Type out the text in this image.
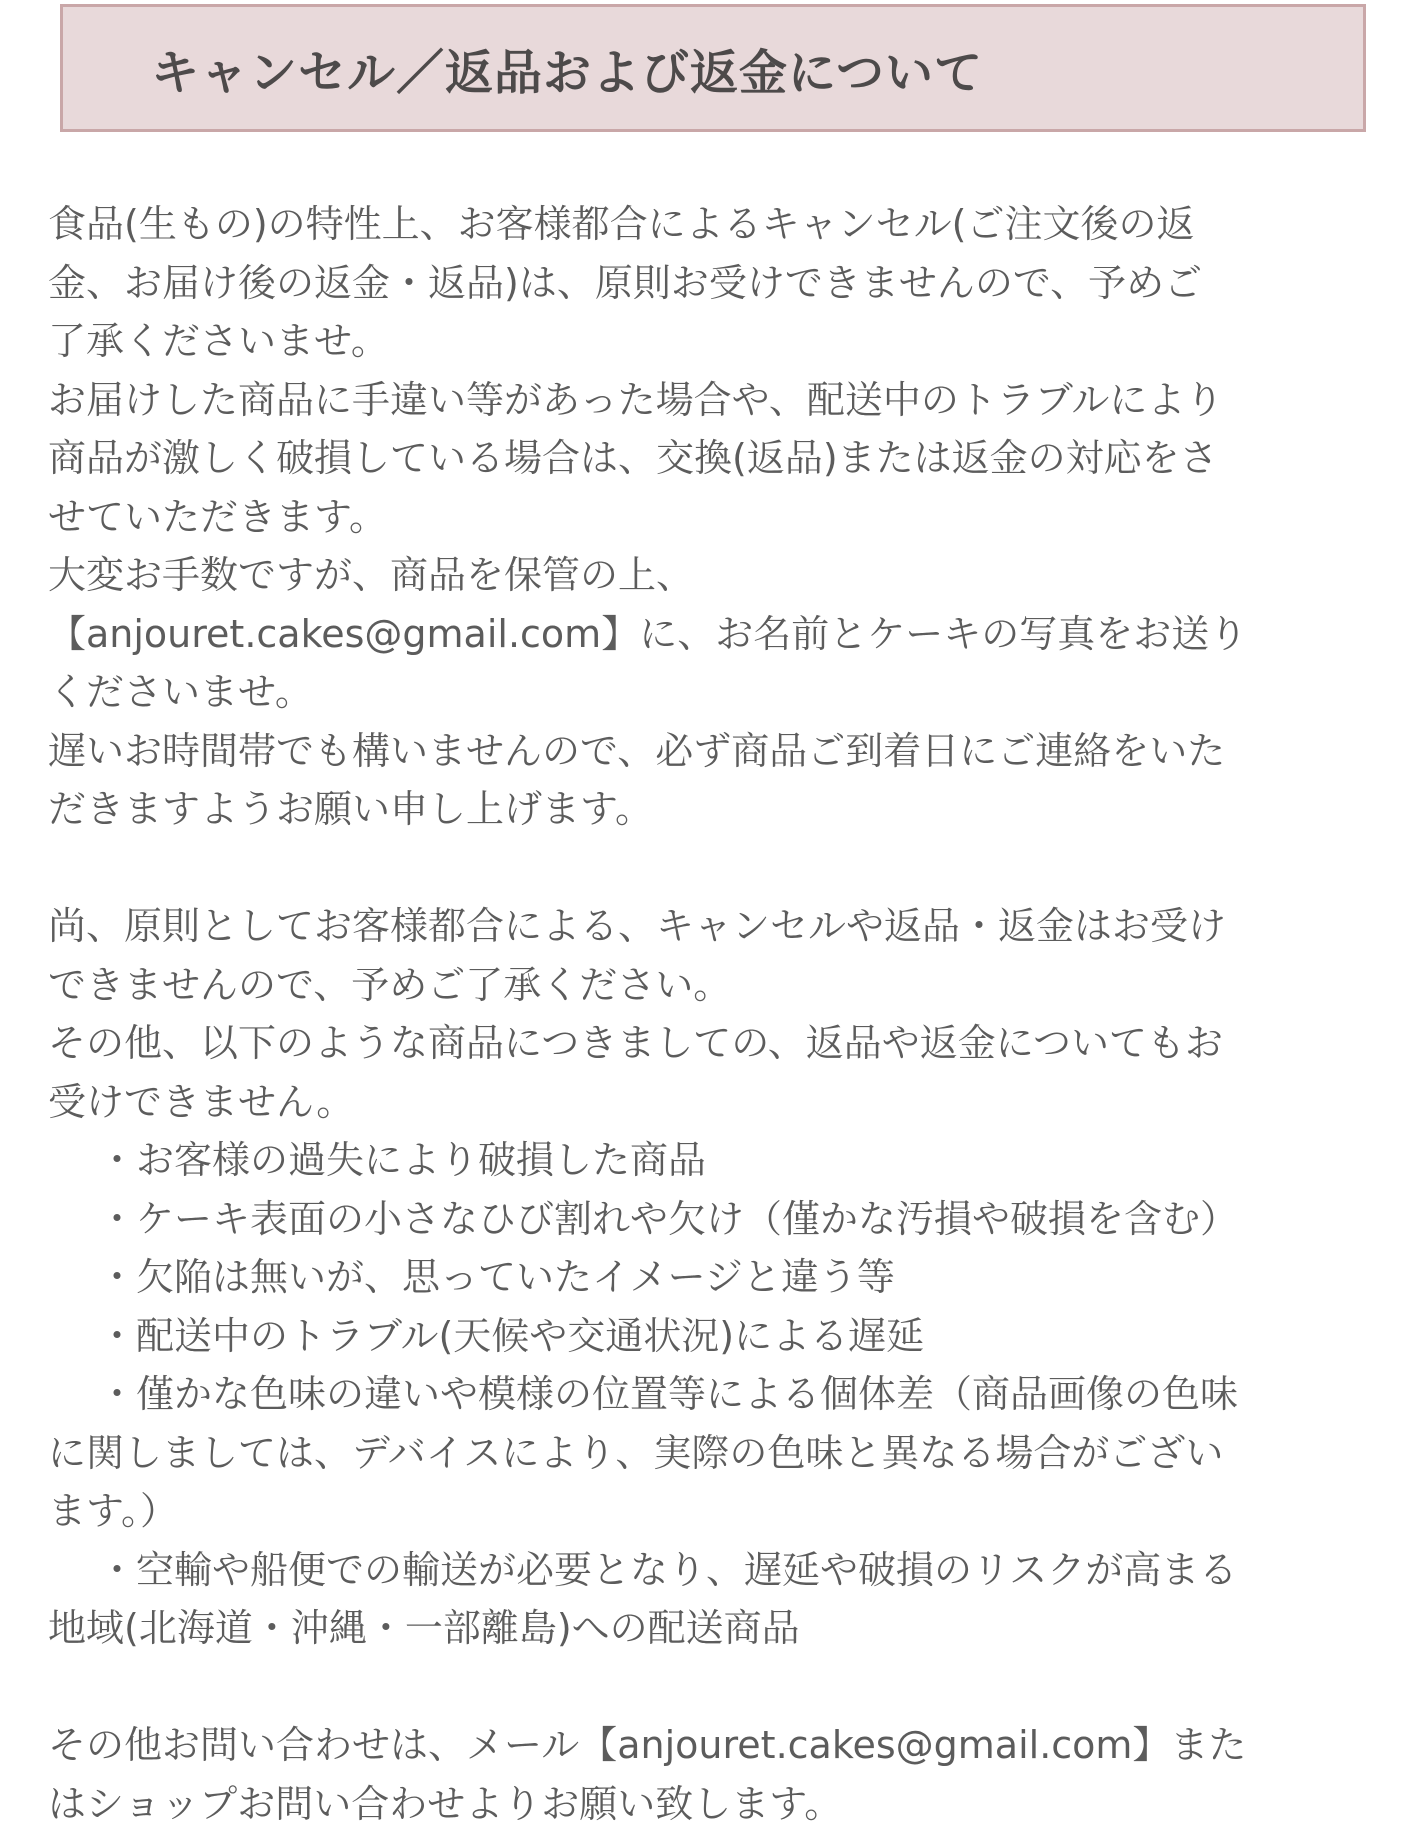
キャンセル／返品および返金について
食品(生もの)の特性上、お客様都合によるキャンセル(ご注文後の返
金、お届け後の返金・返品)は、原則お受けできませんので、予めご
了承くださいませ。
お届けした商品に手違い等があった場合や、配送中のトラブルにより
商品が激しく破損している場合は、交換(返品)または返金の対応をさ
せていただきます。
大変お手数ですが、商品を保管の上、
【anjouret.cakes@gmail.com】に、お名前とケーキの写真をお送り
くださいませ。
遅いお時間帯でも構いませんので、必ず商品ご到着日にご連絡をいた
だきますようお願い申し上げます。
尚、原則としてお客様都合による、キャンセルや返品・返金はお受け
できませんので、予めご了承ください。
その他、以下のような商品につきましての、返品や返金についてもお
受けできません。
・お客様の過失により破損した商品
・ケーキ表面の小さなひび割れや欠け（僅かな汚損や破損を含む）
・欠陥は無いが、思っていたイメージと違う等
・配送中のトラブル(天候や交通状況)による遅延
・僅かな色味の違いや模様の位置等による個体差（商品画像の色味
に関しましては、デバイスにより、実際の色味と異なる場合がござい
ます。）
・空輸や船便での輸送が必要となり、遅延や破損のリスクが高まる
地域(北海道・沖縄・一部離島)への配送商品
その他お問い合わせは、メール【anjouret.cakes@gmail.com】また
はショップお問い合わせよりお願い致します。
